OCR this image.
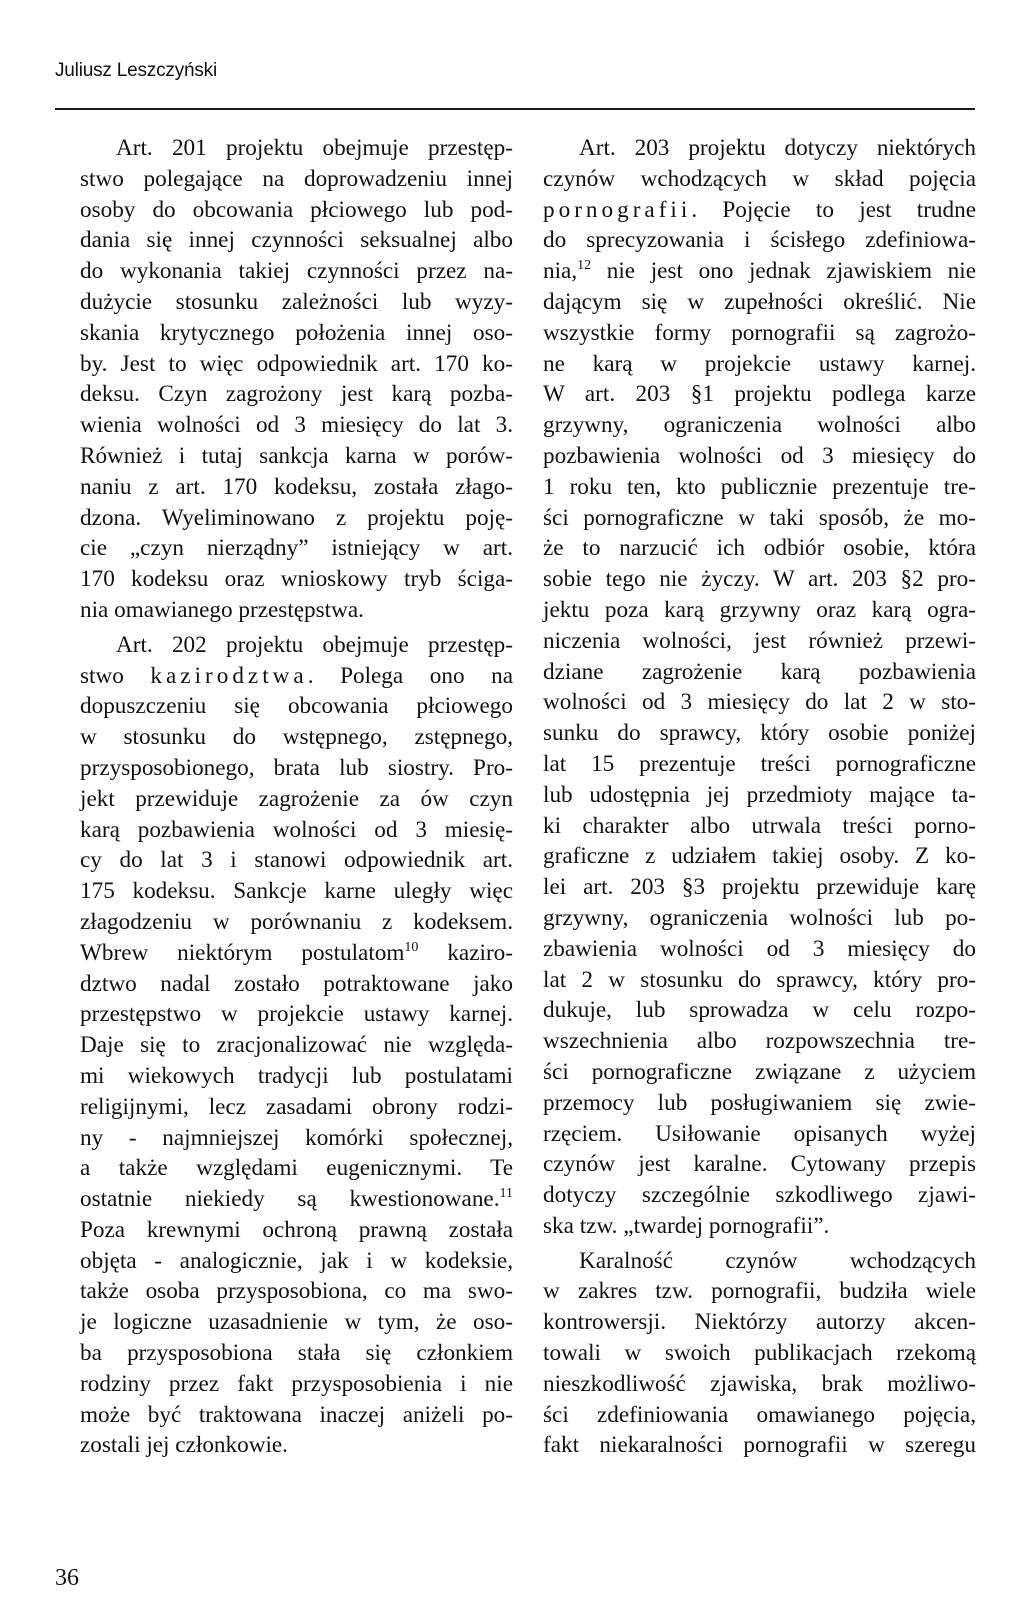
Juliusz Leszczyński
Art. 201 projektu obejmuje przestęp-
stwo polegające na doprowadzeniu innej
osoby do obcowania płciowego lub pod-
dania się innej czynności seksualnej albo
do wykonania takiej czynności przez na-
dużycie stosunku zależności lub wyzy-
skania krytycznego położenia innej oso-
by. Jest to więc odpowiednik art. 170 ko-
deksu. Czyn zagrożony jest karą pozba-
wienia wolności od 3 miesięcy do lat 3.
Również i tutaj sankcja karna w porów-
naniu z art. 170 kodeksu, została złago-
dzona. Wyeliminowano z projektu poję-
cie „czyn nierządny” istniejący w art.
170 kodeksu oraz wnioskowy tryb ściga-
nia omawianego przestępstwa.
Art. 202 projektu obejmuje przestęp-
stwo kazirodztwa. Polega ono na
dopuszczeniu się obcowania płciowego
w stosunku do wstępnego, zstępnego,
przysposobionego, brata lub siostry. Pro-
jekt przewiduje zagrożenie za ów czyn
karą pozbawienia wolności od 3 miesię-
cy do lat 3 i stanowi odpowiednik art.
175 kodeksu. Sankcje karne uległy więc
złagodzeniu w porównaniu z kodeksem.
Wbrew niektórym postulatom$^{10}$ kaziro-
dztwo nadal zostało potraktowane jako
przestępstwo w projekcie ustawy karnej.
Daje się to zracjonalizować nie względa-
mi wiekowych tradycji lub postulatami
religijnymi, lecz zasadami obrony rodzi-
ny - najmniejszej komórki społecznej,
a także względami eugenicznymi. Te
ostatnie niekiedy są kwestionowane.$^{11}$
Poza krewnymi ochroną prawną została
objęta - analogicznie, jak i w kodeksie,
także osoba przysposobiona, co ma swo-
je logiczne uzasadnienie w tym, że oso-
ba przysposobiona stała się członkiem
rodziny przez fakt przysposobienia i nie
może być traktowana inaczej aniżeli po-
zostali jej członkowie.
Art. 203 projektu dotyczy niektórych
czynów wchodzących w skład pojęcia
pornografii. Pojęcie to jest trudne
do sprecyzowania i ścisłego zdefiniowa-
nia,$^{12}$ nie jest ono jednak zjawiskiem nie
dającym się w zupełności określić. Nie
wszystkie formy pornografii są zagrożo-
ne karą w projekcie ustawy karnej.
W art. 203 §1 projektu podlega karze
grzywny, ograniczenia wolności albo
pozbawienia wolności od 3 miesięcy do
1 roku ten, kto publicznie prezentuje tre-
ści pornograficzne w taki sposób, że mo-
że to narzucić ich odbiór osobie, która
sobie tego nie życzy. W art. 203 §2 pro-
jektu poza karą grzywny oraz karą ogra-
niczenia wolności, jest również przewi-
dziane zagrożenie karą pozbawienia
wolności od 3 miesięcy do lat 2 w sto-
sunku do sprawcy, który osobie poniżej
lat 15 prezentuje treści pornograficzne
lub udostępnia jej przedmioty mające ta-
ki charakter albo utrwala treści porno-
graficzne z udziałem takiej osoby. Z ko-
lei art. 203 §3 projektu przewiduje karę
grzywny, ograniczenia wolności lub po-
zbawienia wolności od 3 miesięcy do
lat 2 w stosunku do sprawcy, który pro-
dukuje, lub sprowadza w celu rozpo-
wszechnienia albo rozpowszechnia tre-
ści pornograficzne związane z użyciem
przemocy lub posługiwaniem się zwie-
rzęciem. Usiłowanie opisanych wyżej
czynów jest karalne. Cytowany przepis
dotyczy szczególnie szkodliwego zjawi-
ska tzw. „twardej pornografii”.
Karalność czynów wchodzących
w zakres tzw. pornografii, budziła wiele
kontrowersji. Niektórzy autorzy akcen-
towali w swoich publikacjach rzekomą
nieszkodliwość zjawiska, brak możliwo-
ści zdefiniowania omawianego pojęcia,
fakt niekaralności pornografii w szeregu
36
